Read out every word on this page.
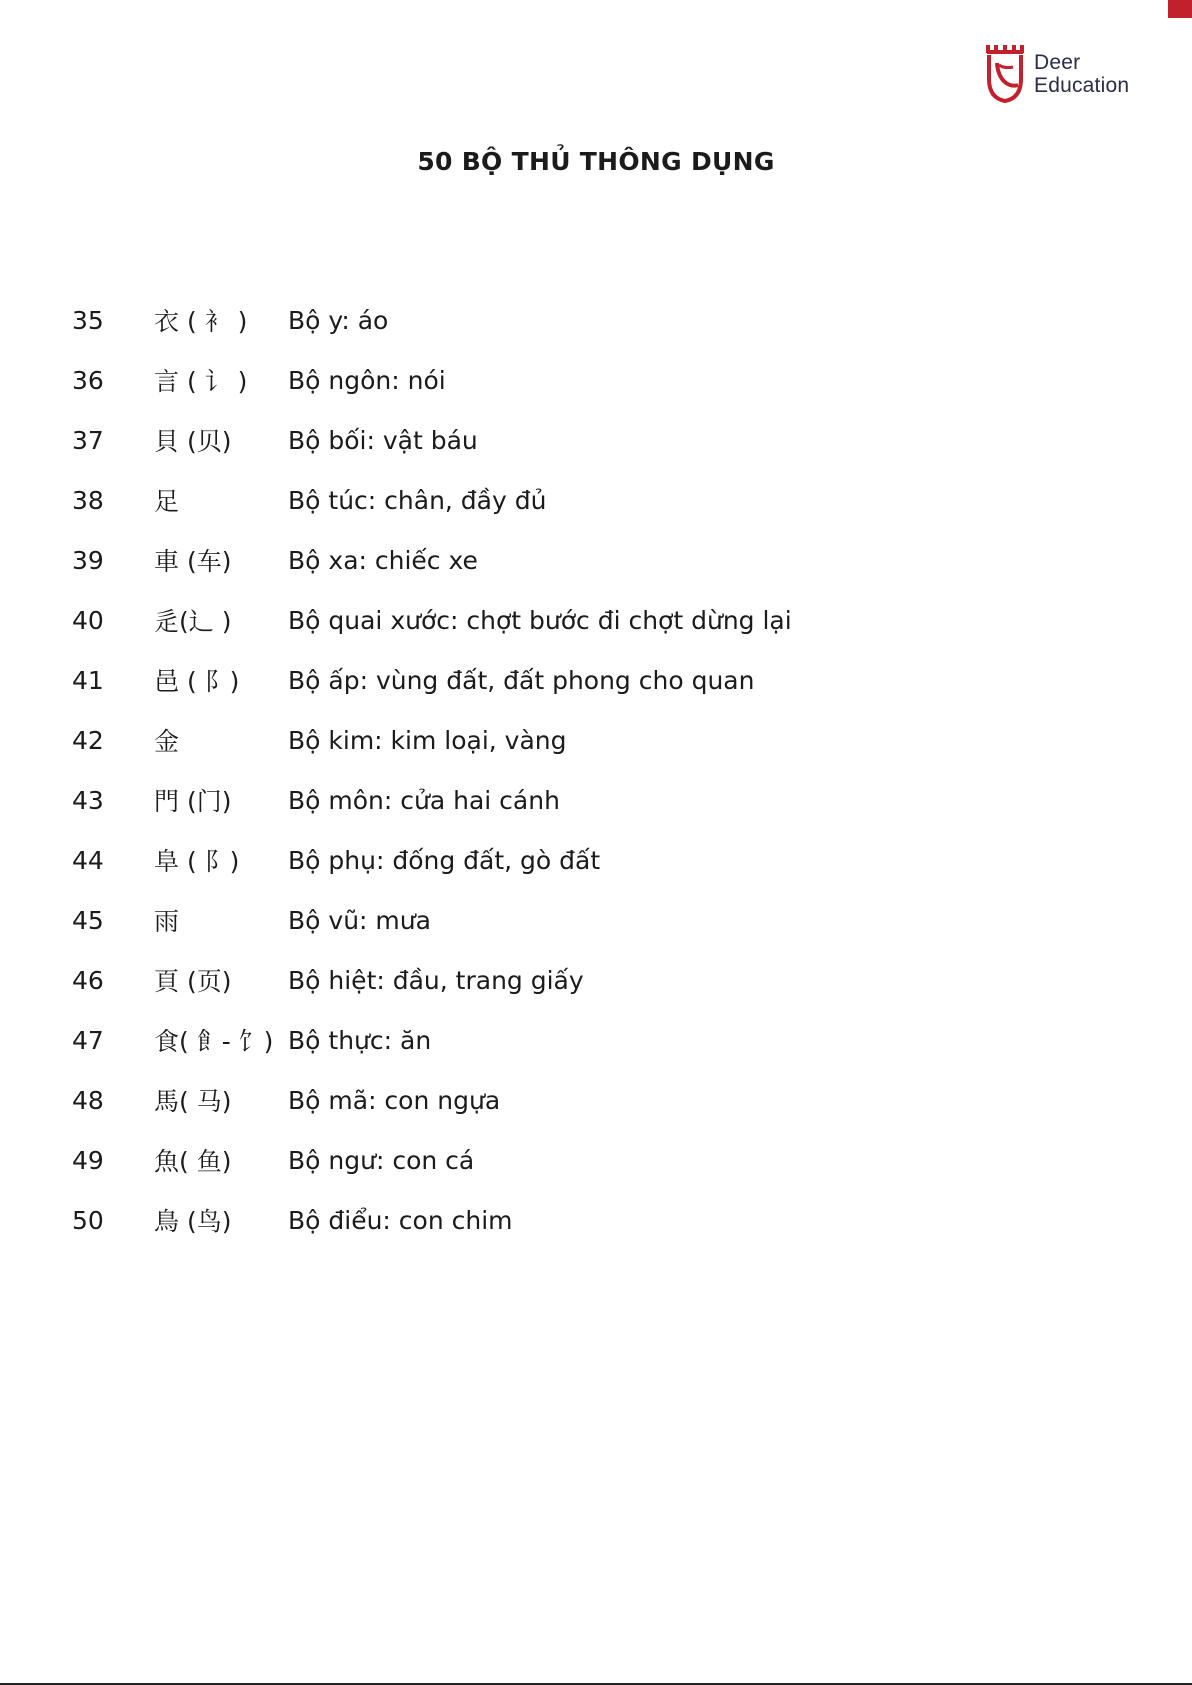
Deer
Education
50 BỘ THỦ THÔNG DỤNG
35	衣 ( 衤 )	Bộ y: áo
36	言 ( 讠 )	Bộ ngôn: nói
37	貝 (贝)	Bộ bối: vật báu
38	足	Bộ túc: chân, đầy đủ
39	車 (车)	Bộ xa: chiếc xe
40	辵(辶 )	Bộ quai xước: chợt bước đi chợt dừng lại
41	邑 ( 阝)	Bộ ấp: vùng đất, đất phong cho quan
42	金	Bộ kim: kim loại, vàng
43	門 (门)	Bộ môn: cửa hai cánh
44	阜 ( 阝)	Bộ phụ: đống đất, gò đất
45	雨	Bộ vũ: mưa
46	頁 (页)	Bộ hiệt: đầu, trang giấy
47	食( 飠- 饣) Bộ thực: ăn
48	馬( 马)	Bộ mã: con ngựa
49	魚( 鱼)	Bộ ngư: con cá
50	鳥 (鸟)	Bộ điểu: con chim
